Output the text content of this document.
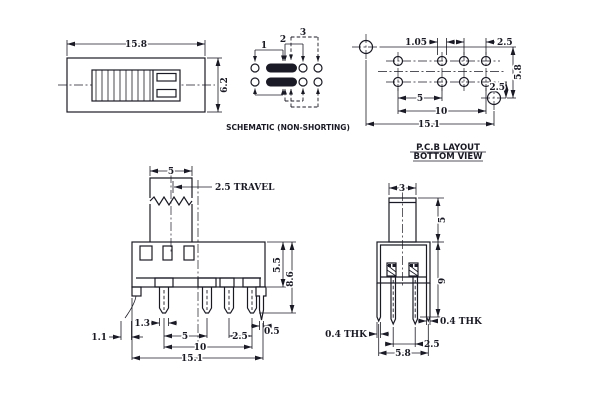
15.8
6.2
1
2
3
SCHEMATIC (NON-SHORTING)
1.05	2.5
5.8
2.5
5
10
15.1
P.C.B LAYOUT
BOTTOM VIEW
5
2.5 TRAVEL
5.5
8.6
1.1
1.3
0.5
5	2.5
10
15.1
3
5
9
0.4 THK
0.4 THK
2.5
5.8
